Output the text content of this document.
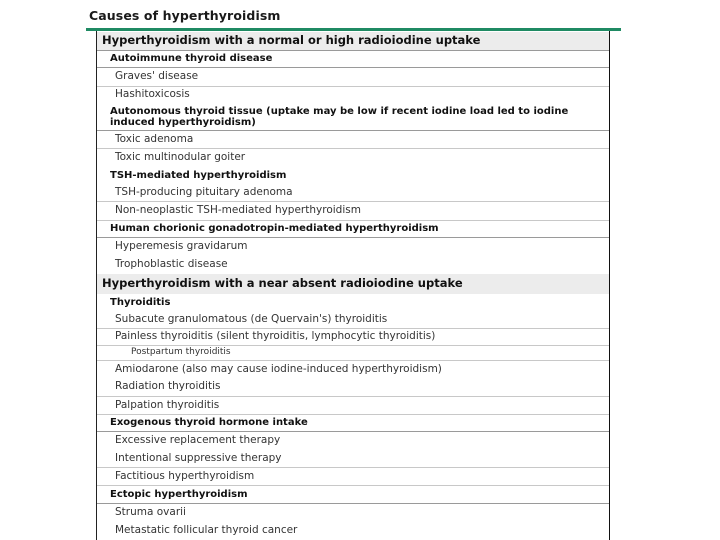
Causes of hyperthyroidism
Hyperthyroidism with a normal or high radioiodine uptake
Autoimmune thyroid disease
Graves' disease
Hashitoxicosis
Autonomous thyroid tissue (uptake may be low if recent iodine load led to iodine induced hyperthyroidism)
Toxic adenoma
Toxic multinodular goiter
TSH-mediated hyperthyroidism
TSH-producing pituitary adenoma
Non-neoplastic TSH-mediated hyperthyroidism
Human chorionic gonadotropin-mediated hyperthyroidism
Hyperemesis gravidarum
Trophoblastic disease
Hyperthyroidism with a near absent radioiodine uptake
Thyroiditis
Subacute granulomatous (de Quervain's) thyroiditis
Painless thyroiditis (silent thyroiditis, lymphocytic thyroiditis)
Postpartum thyroiditis
Amiodarone (also may cause iodine-induced hyperthyroidism)
Radiation thyroiditis
Palpation thyroiditis
Exogenous thyroid hormone intake
Excessive replacement therapy
Intentional suppressive therapy
Factitious hyperthyroidism
Ectopic hyperthyroidism
Struma ovarii
Metastatic follicular thyroid cancer
